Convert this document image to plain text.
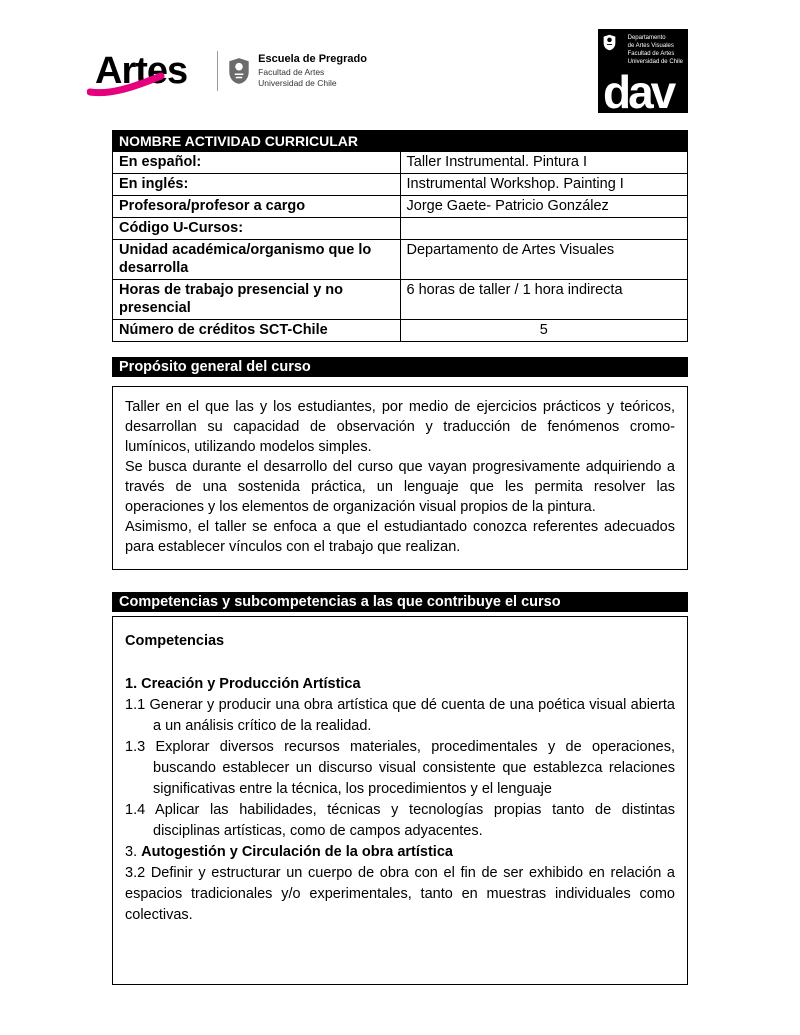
Artes	Escuela de Pregrado
Facultad de Artes
Universidad de Chile
Departamento
de Artes Visuales
Facultad de Artes
Universidad de Chile
dav
NOMBRE ACTIVIDAD CURRICULAR	
En español:	Taller Instrumental. Pintura I
En inglés:	Instrumental Workshop. Painting I
Profesora/profesor a cargo	Jorge Gaete- Patricio González
Código U-Cursos:	
Unidad académica/organismo que lo desarrolla	Departamento de Artes Visuales
Horas de trabajo presencial y no presencial	6 horas de taller / 1 hora indirecta
Número de créditos SCT-Chile	5
Propósito general del curso

Taller en el que las y los estudiantes, por medio de ejercicios prácticos y teóricos, desarrollan su capacidad de observación y traducción de fenómenos cromo-lumínicos, utilizando modelos simples.

Se busca durante el desarrollo del curso que vayan progresivamente adquiriendo a través de una sostenida práctica, un lenguaje que les permita resolver las operaciones y los elementos de organización visual propios de la pintura.

Asimismo, el taller se enfoca a que el estudiantado conozca referentes adecuados para establecer vínculos con el trabajo que realizan.

Competencias y subcompetencias a las que contribuye el curso

Competencias

1. Creación y Producción Artística

1.1 Generar y producir una obra artística que dé cuenta de una poética visual abierta a un análisis crítico de la realidad.

1.3 Explorar diversos recursos materiales, procedimentales y de operaciones, buscando establecer un discurso visual consistente que establezca relaciones significativas entre la técnica, los procedimientos y el lenguaje

1.4 Aplicar las habilidades, técnicas y tecnologías propias tanto de distintas disciplinas artísticas, como de campos adyacentes.

3. Autogestión y Circulación de la obra artística

3.2 Definir y estructurar un cuerpo de obra con el fin de ser exhibido en relación a espacios tradicionales y/o experimentales, tanto en muestras individuales como colectivas.
